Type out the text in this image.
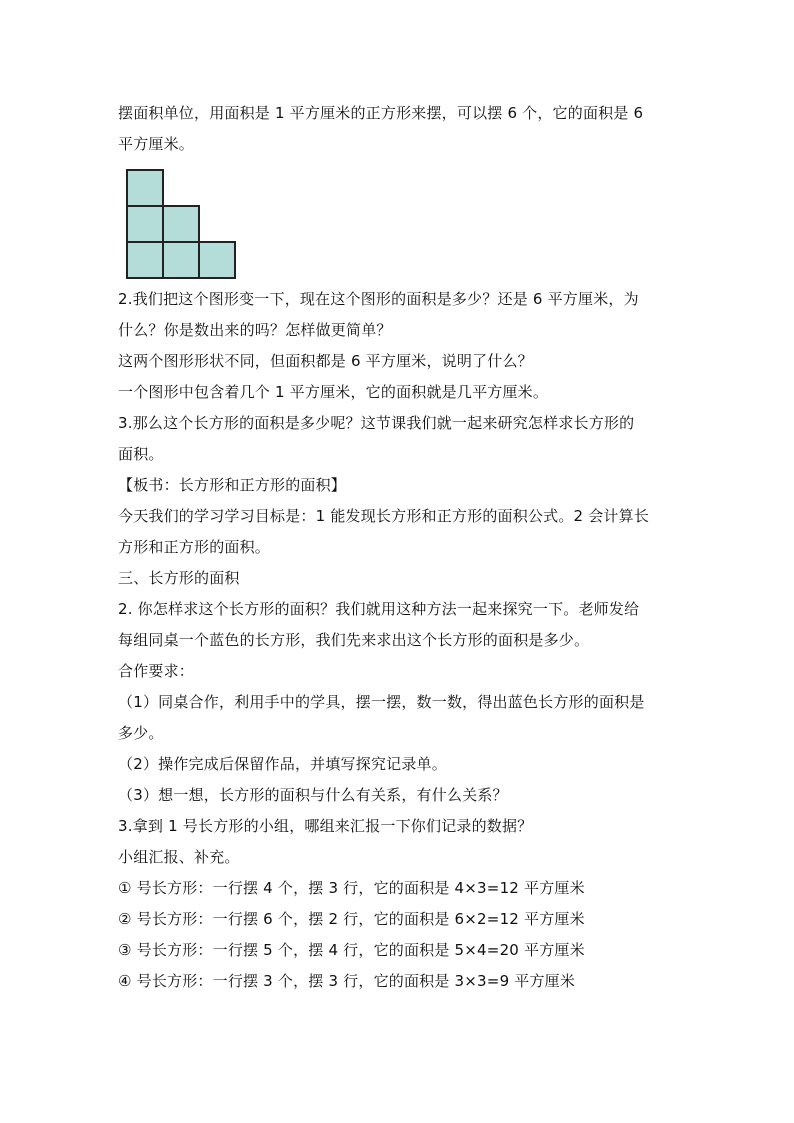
摆面积单位，用面积是 1 平方厘米的正方形来摆，可以摆 6 个，它的面积是 6
平方厘米。
2.我们把这个图形变一下，现在这个图形的面积是多少？还是 6 平方厘米，为
什么？你是数出来的吗？怎样做更简单？
这两个图形形状不同，但面积都是 6 平方厘米，说明了什么？
一个图形中包含着几个 1 平方厘米，它的面积就是几平方厘米。
3.那么这个长方形的面积是多少呢？这节课我们就一起来研究怎样求长方形的
面积。
【板书：长方形和正方形的面积】
今天我们的学习学习目标是：1 能发现长方形和正方形的面积公式。2 会计算长
方形和正方形的面积。
三、长方形的面积
2. 你怎样求这个长方形的面积？我们就用这种方法一起来探究一下。老师发给
每组同桌一个蓝色的长方形，我们先来求出这个长方形的面积是多少。
合作要求：
（1）同桌合作，利用手中的学具，摆一摆，数一数，得出蓝色长方形的面积是
多少。
（2）操作完成后保留作品，并填写探究记录单。
（3）想一想，长方形的面积与什么有关系，有什么关系？
3.拿到 1 号长方形的小组，哪组来汇报一下你们记录的数据？
小组汇报、补充。
① 号长方形：一行摆 4 个，摆 3 行，它的面积是 4×3=12 平方厘米
② 号长方形：一行摆 6 个，摆 2 行，它的面积是 6×2=12 平方厘米
③ 号长方形：一行摆 5 个，摆 4 行，它的面积是 5×4=20 平方厘米
④ 号长方形：一行摆 3 个，摆 3 行，它的面积是 3×3=9 平方厘米
